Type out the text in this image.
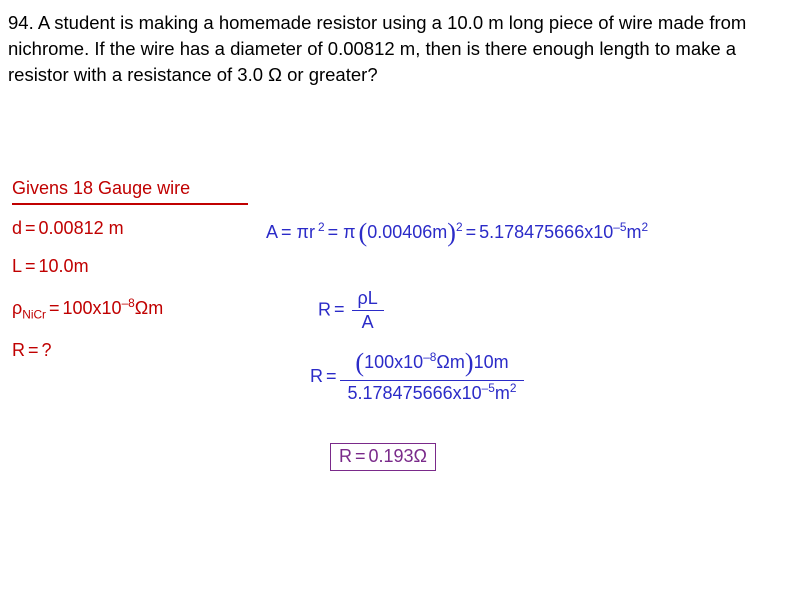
94. A student is making a homemade resistor using a 10.0 m long piece of wire made from nichrome. If the wire has a diameter of 0.00812 m, then is there enough length to make a resistor with a resistance of 3.0 Ω or greater?
Givens 18 Gauge wire
d = 0.00812 m
L = 10.0m
$\rho_{NiCr} = 100x10^{-8}\Omega m$
R = ?
A = πr $^2$ = π $(0.00406m)^2 = 5.178475666x10^{-5}m^2$
$R = \frac{\rho L}{A}$
$R = \frac{(100x10^{-8}\Omega m)10m}{5.178475666x10^{-5}m^2}$
R = 0.193Ω
